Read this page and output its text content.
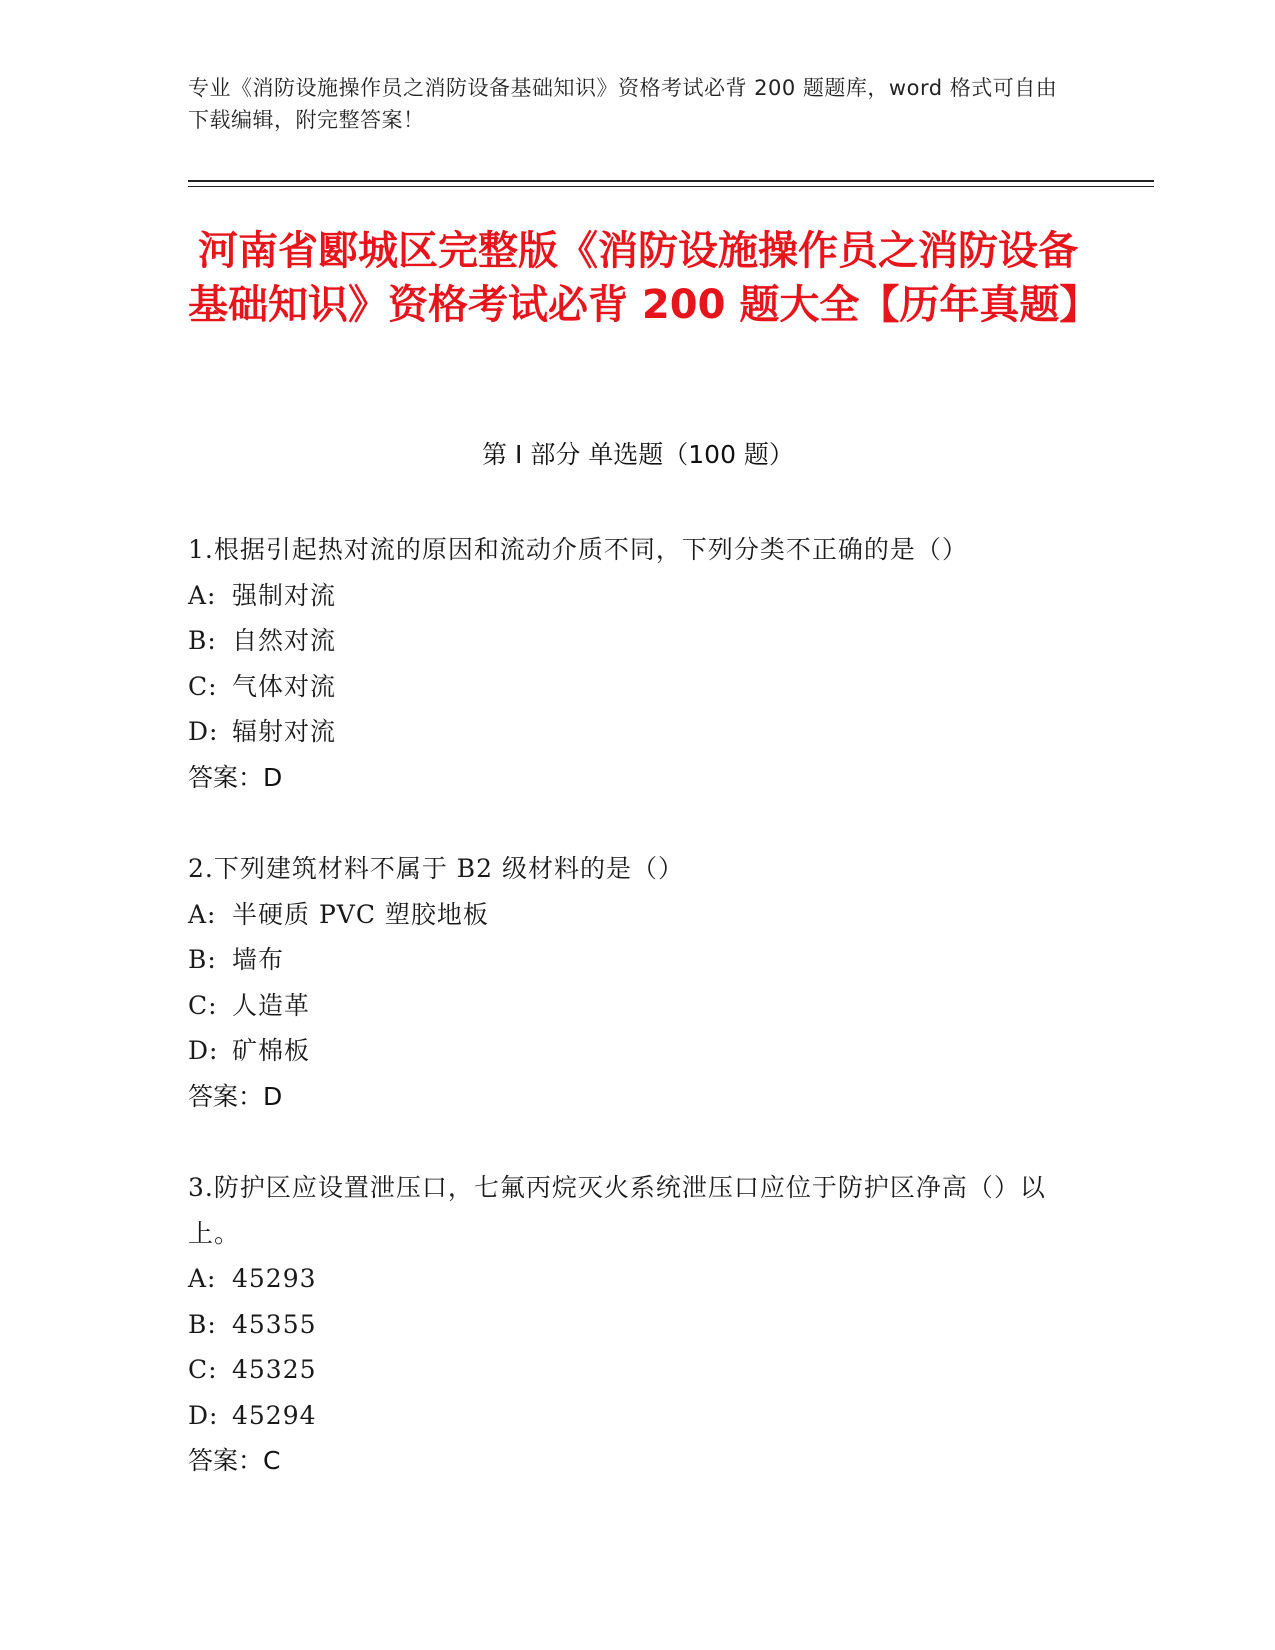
专业《消防设施操作员之消防设备基础知识》资格考试必背 200 题题库，word 格式可自由下载编辑，附完整答案！
河南省郾城区完整版《消防设施操作员之消防设备基础知识》资格考试必背 200 题大全【历年真题】
第 I 部分 单选题（100 题）
1.根据引起热对流的原因和流动介质不同，下列分类不正确的是（）
A: 强制对流
B: 自然对流
C: 气体对流
D: 辐射对流
答案：D
2.下列建筑材料不属于 B2 级材料的是（）
A: 半硬质 PVC 塑胶地板
B: 墙布
C: 人造革
D: 矿棉板
答案：D
3.防护区应设置泄压口，七氟丙烷灭火系统泄压口应位于防护区净高（）以上。
A: 45293
B: 45355
C: 45325
D: 45294
答案：C
